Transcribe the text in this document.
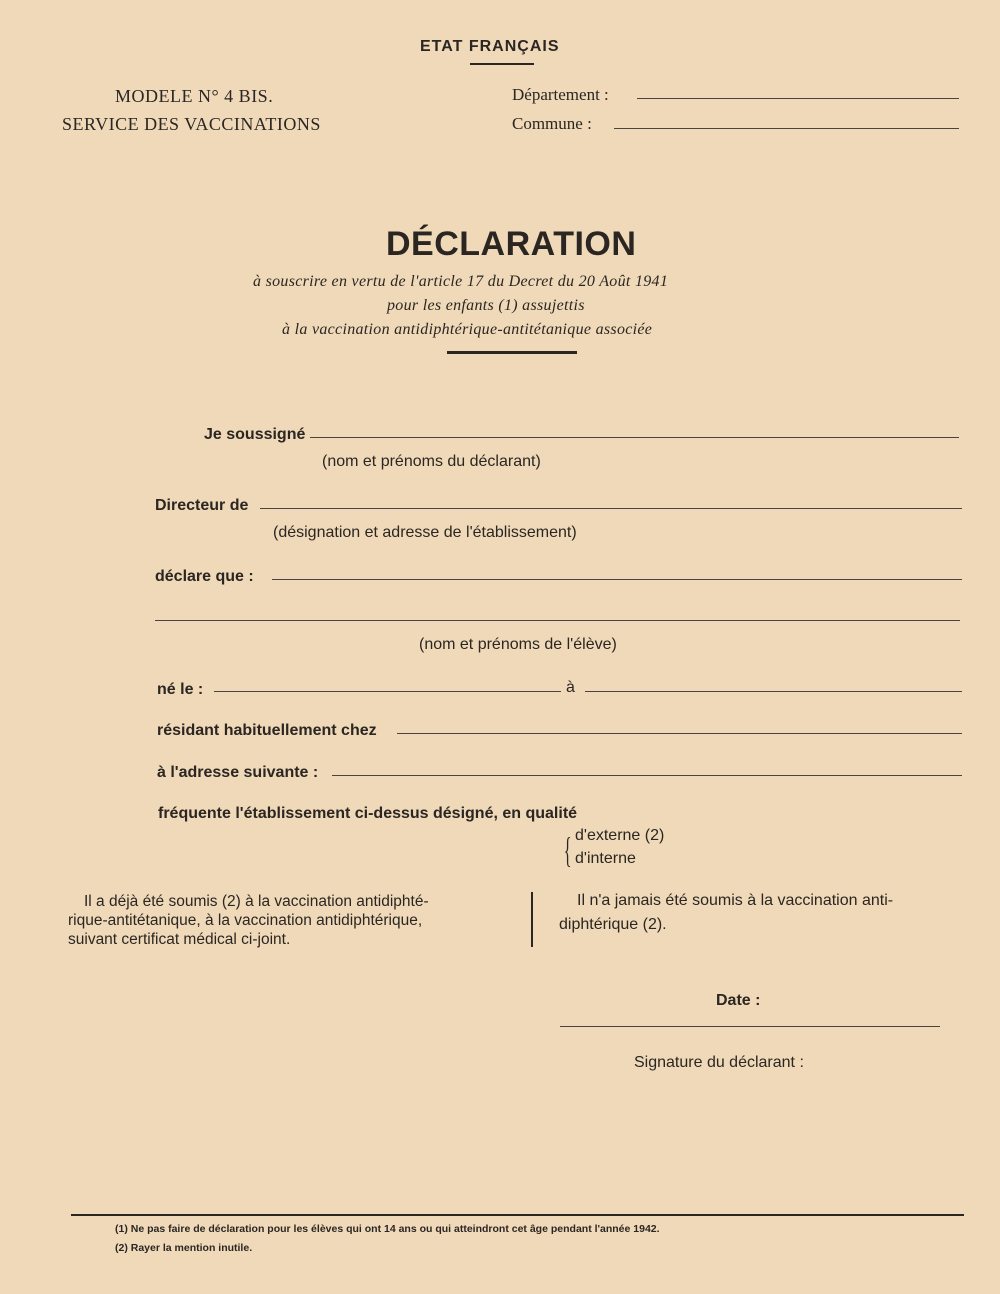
ETAT FRANÇAIS
MODELE N° 4 BIS.
SERVICE DES VACCINATIONS
Département :
Commune :
DÉCLARATION
à souscrire en vertu de l'article 17 du Decret du 20 Août 1941
pour les enfants (1) assujettis
à la vaccination antidiphtérique-antitétanique associée
Je soussigné
(nom et prénoms du déclarant)
Directeur de
(désignation et adresse de l'établissement)
déclare que :
(nom et prénoms de l'élève)
né le :	à
résidant habituellement chez
à l'adresse suivante :
fréquente l'établissement ci-dessus désigné, en qualité
{ d'externe (2)
d'interne
Il a déjà été soumis (2) à la vaccination antidiphté-
rique-antitétanique, à la vaccination antidiphtérique,
suivant certificat médical ci-joint.
Il n'a jamais été soumis à la vaccination anti-
diphtérique (2).
Date :
Signature du déclarant :
(1) Ne pas faire de déclaration pour les élèves qui ont 14 ans ou qui atteindront cet âge pendant l'année 1942.
(2) Rayer la mention inutile.
